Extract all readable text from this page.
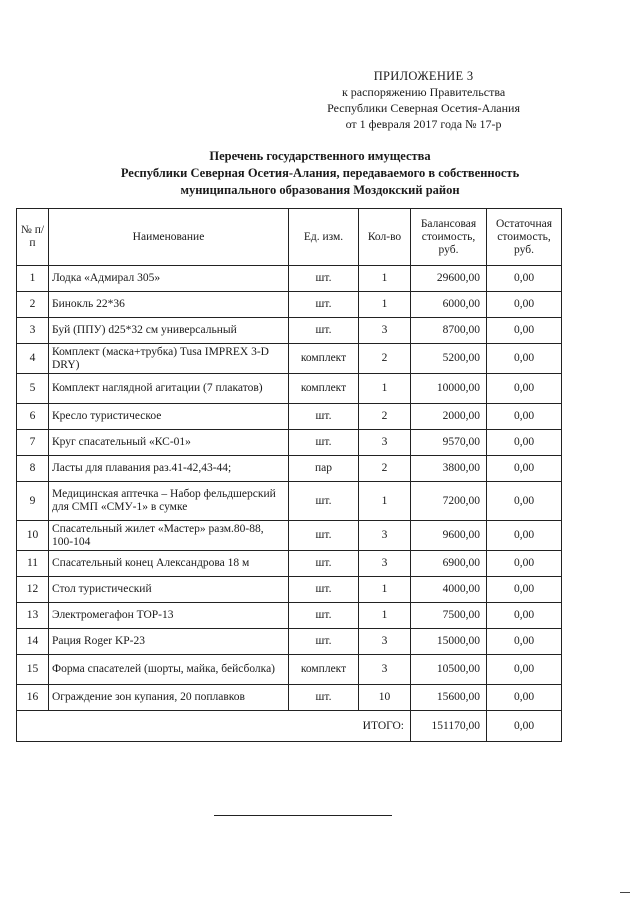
ПРИЛОЖЕНИЕ 3
к распоряжению Правительства
Республики Северная Осетия-Алания
от 1 февраля 2017 года № 17-р
Перечень государственного имущества
Республики Северная Осетия-Алания, передаваемого в собственность
муниципального образования Моздокский район
№ п/п	Наименование	Ед. изм.	Кол-во	Балансовая стоимость, руб.	Остаточная стоимость, руб.
1	Лодка «Адмирал 305»	шт.	1	29600,00	0,00
2	Бинокль 22*36	шт.	1	6000,00	0,00
3	Буй (ППУ) d25*32 см универсальный	шт.	3	8700,00	0,00
4	Комплект (маска+трубка) Tusa IMPREX 3-D DRY)	комплект	2	5200,00	0,00
5	Комплект наглядной агитации (7 плакатов)	комплект	1	10000,00	0,00
6	Кресло туристическое	шт.	2	2000,00	0,00
7	Круг спасательный «КС-01»	шт.	3	9570,00	0,00
8	Ласты для плавания раз.41-42,43-44;	пар	2	3800,00	0,00
9	Медицинская аптечка – Набор фельдшерский для СМП «СМУ-1» в сумке	шт.	1	7200,00	0,00
10	Спасательный жилет «Мастер» разм.80-88, 100-104	шт.	3	9600,00	0,00
11	Спасательный конец Александрова 18 м	шт.	3	6900,00	0,00
12	Стол туристический	шт.	1	4000,00	0,00
13	Электромегафон ТОР-13	шт.	1	7500,00	0,00
14	Рация Roger KP-23	шт.	3	15000,00	0,00
15	Форма спасателей (шорты, майка, бейсболка)	комплект	3	10500,00	0,00
16	Ограждение зон купания, 20 поплавков	шт.	10	15600,00	0,00
ИТОГО:				151170,00	0,00
